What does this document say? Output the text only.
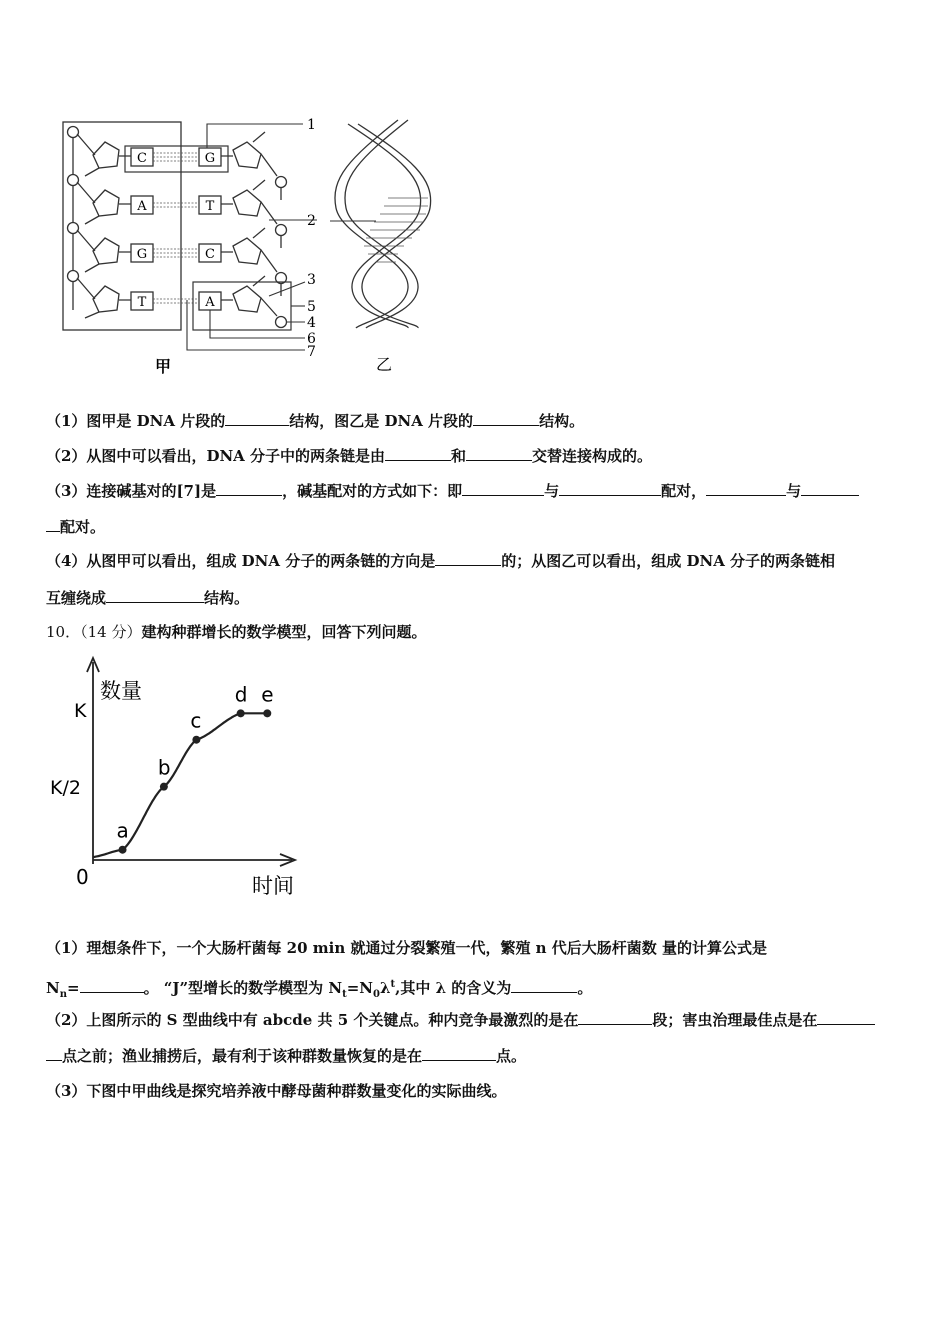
C
A
G
T
G
T
C
A
1
2
3
5
4
6
7
甲	乙
（1）图甲是 DNA 片段的	结构，图乙是 DNA 片段的	结构。
（2）从图中可以看出，DNA 分子中的两条链是由	和	交替连接构成的。
（3）连接碱基对的[7]是	，碱基配对的方式如下：即	与	配对，	与
配对。
（4）从图甲可以看出，组成 DNA 分子的两条链的方向是	的；从图乙可以看出，组成 DNA 分子的两条链相
互缠绕成	结构。
10．（14 分）建构种群增长的数学模型，回答下列问题。
数量
时间
0
K
K/2
a
b
c
d e
（1）理想条件下，一个大肠杆菌每 20 min 就通过分裂繁殖一代，繁殖 n 代后大肠杆菌数 量的计算公式是
$N_n=$	。 “J”型增长的数学模型为 $N_t=N_0\lambda^t$,其中 λ 的含义为	。
（2）上图所示的 S 型曲线中有 abcde 共 5 个关键点。种内竞争最激烈的是在	段；害虫治理最佳点是在
点之前；渔业捕捞后，最有利于该种群数量恢复的是在	点。
（3）下图中甲曲线是探究培养液中酵母菌种群数量变化的实际曲线。
